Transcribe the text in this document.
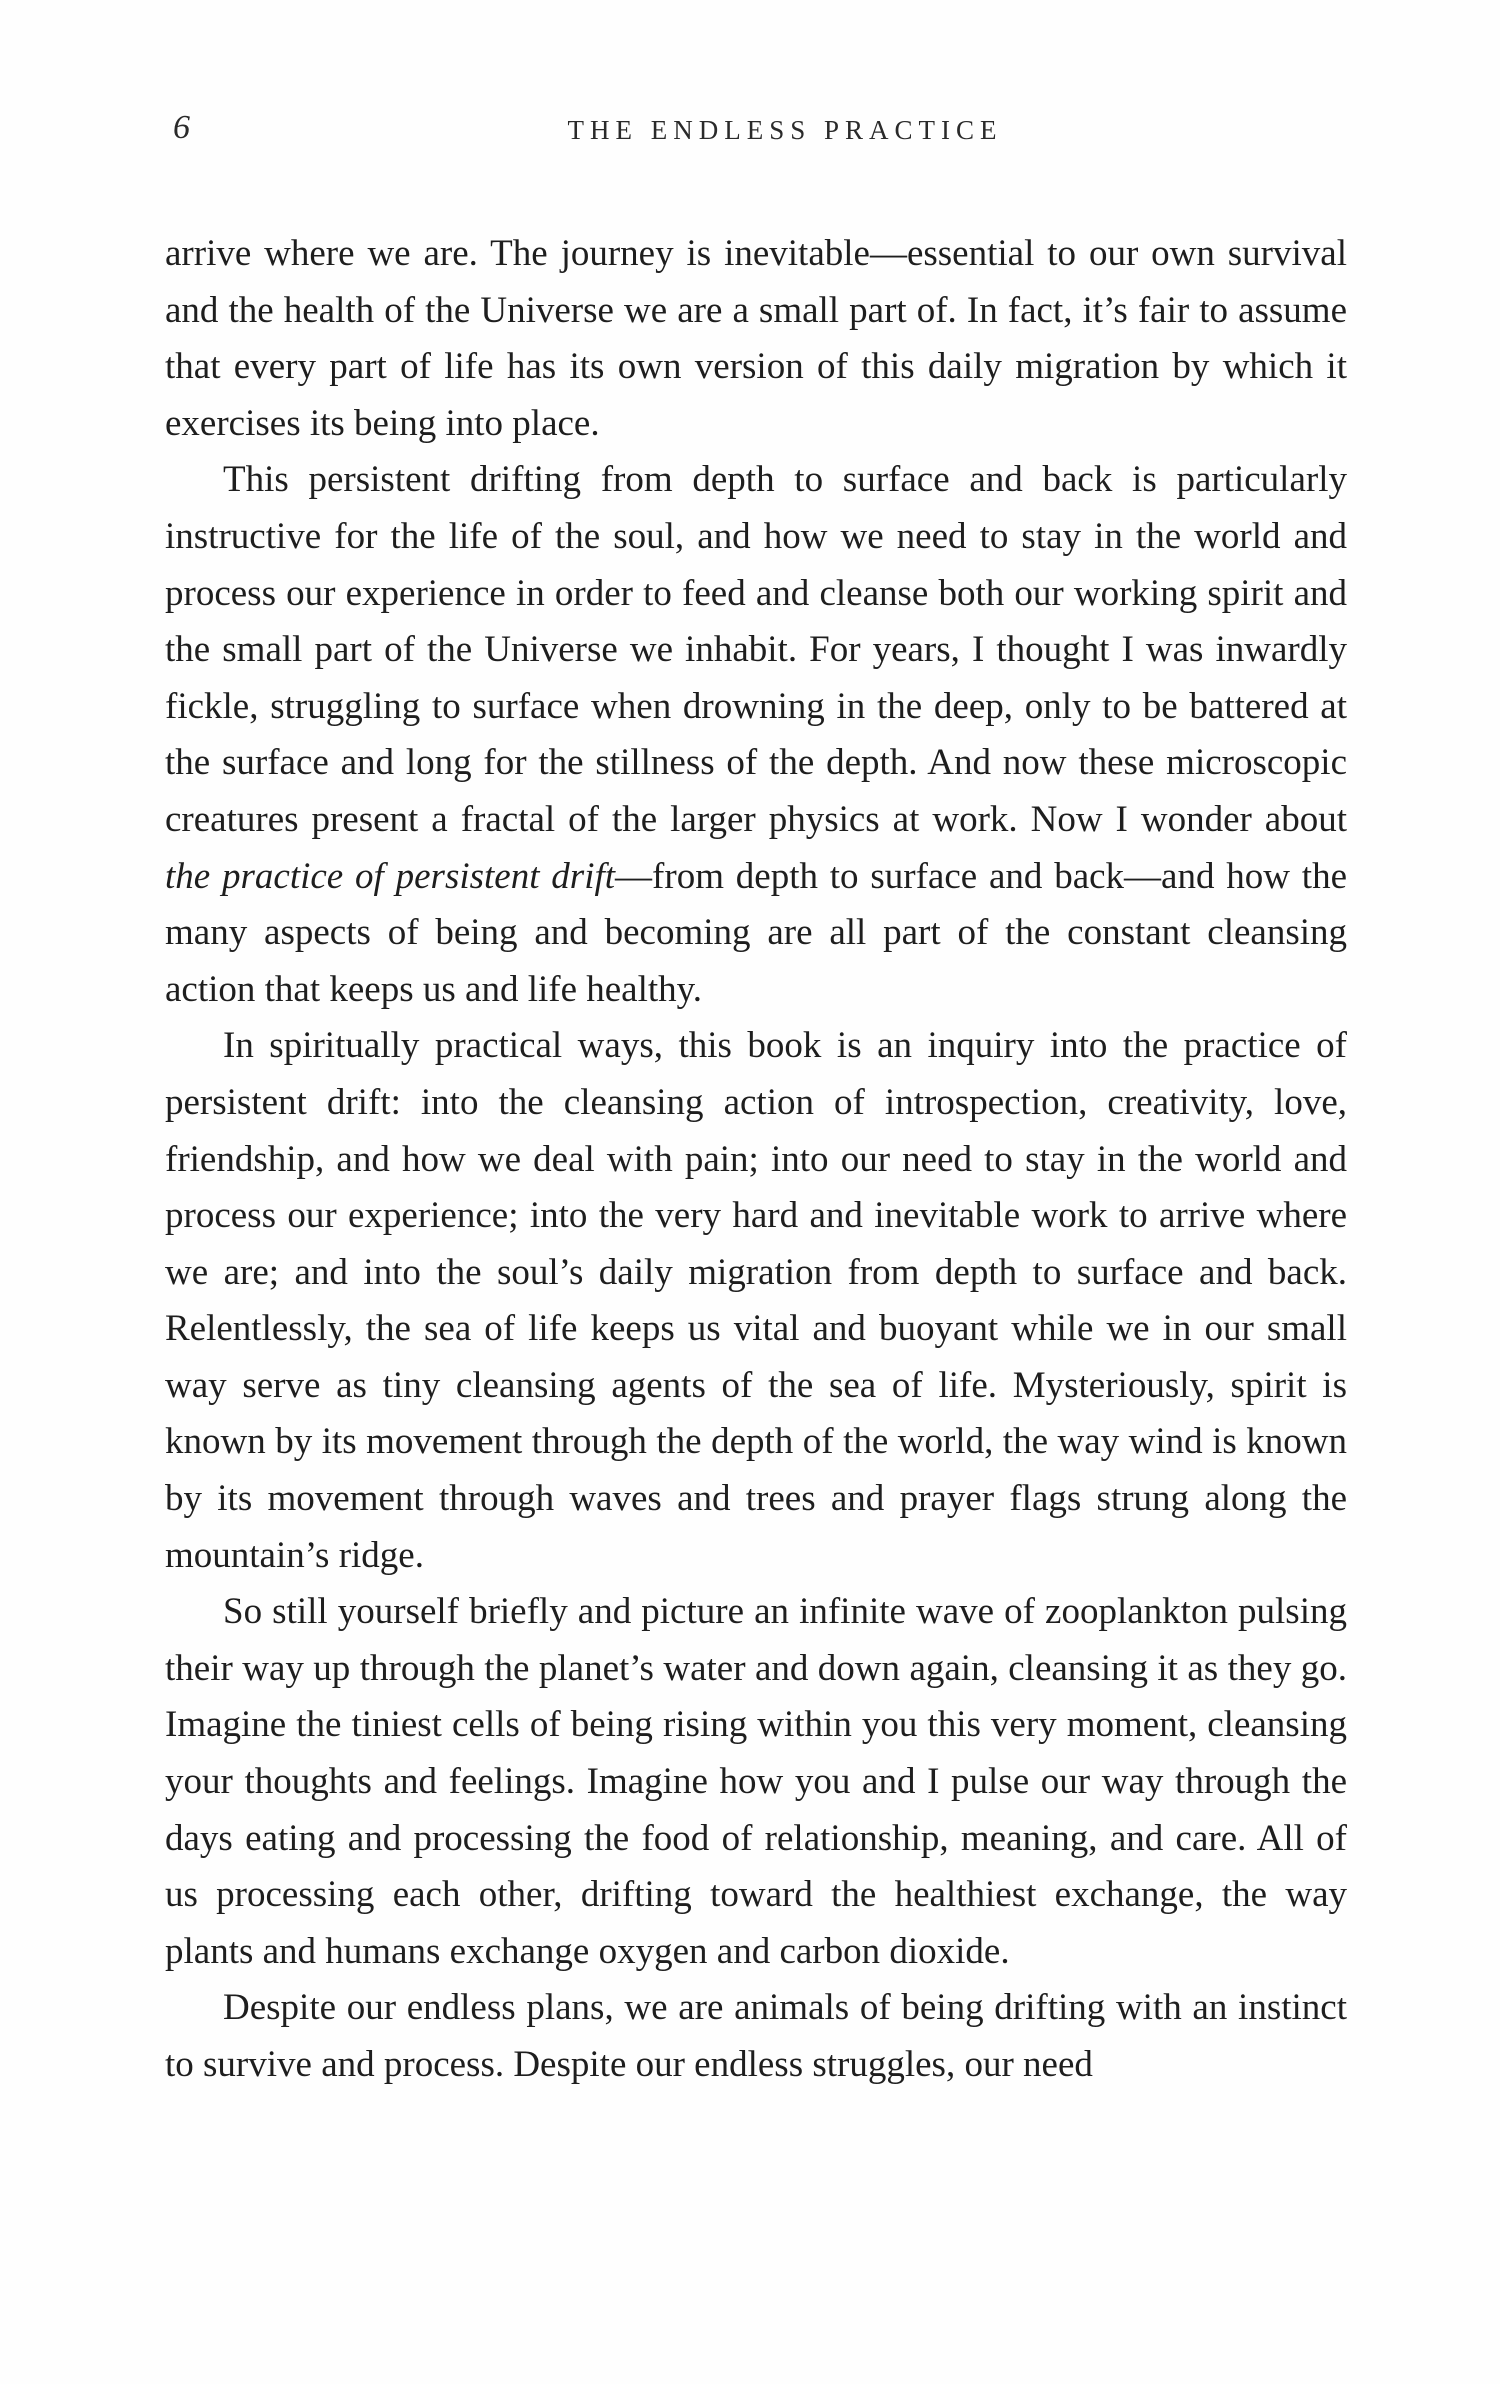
6	THE ENDLESS PRACTICE

arrive where we are. The journey is inevitable—essential to our own survival and the health of the Universe we are a small part of. In fact, it’s fair to assume that every part of life has its own version of this daily migration by which it exercises its being into place.

This persistent drifting from depth to surface and back is particularly instructive for the life of the soul, and how we need to stay in the world and process our experience in order to feed and cleanse both our working spirit and the small part of the Universe we inhabit. For years, I thought I was inwardly fickle, struggling to surface when drowning in the deep, only to be battered at the surface and long for the stillness of the depth. And now these microscopic creatures present a fractal of the larger physics at work. Now I wonder about the practice of persistent drift—from depth to surface and back—and how the many aspects of being and becoming are all part of the constant cleansing action that keeps us and life healthy.

In spiritually practical ways, this book is an inquiry into the practice of persistent drift: into the cleansing action of introspection, creativity, love, friendship, and how we deal with pain; into our need to stay in the world and process our experience; into the very hard and inevitable work to arrive where we are; and into the soul’s daily migration from depth to surface and back. Relentlessly, the sea of life keeps us vital and buoyant while we in our small way serve as tiny cleansing agents of the sea of life. Mysteriously, spirit is known by its movement through the depth of the world, the way wind is known by its movement through waves and trees and prayer flags strung along the mountain’s ridge.

So still yourself briefly and picture an infinite wave of zooplankton pulsing their way up through the planet’s water and down again, cleansing it as they go. Imagine the tiniest cells of being rising within you this very moment, cleansing your thoughts and feelings. Imagine how you and I pulse our way through the days eating and processing the food of relationship, meaning, and care. All of us processing each other, drifting toward the healthiest exchange, the way plants and humans exchange oxygen and carbon dioxide.

Despite our endless plans, we are animals of being drifting with an instinct to survive and process. Despite our endless struggles, our need
